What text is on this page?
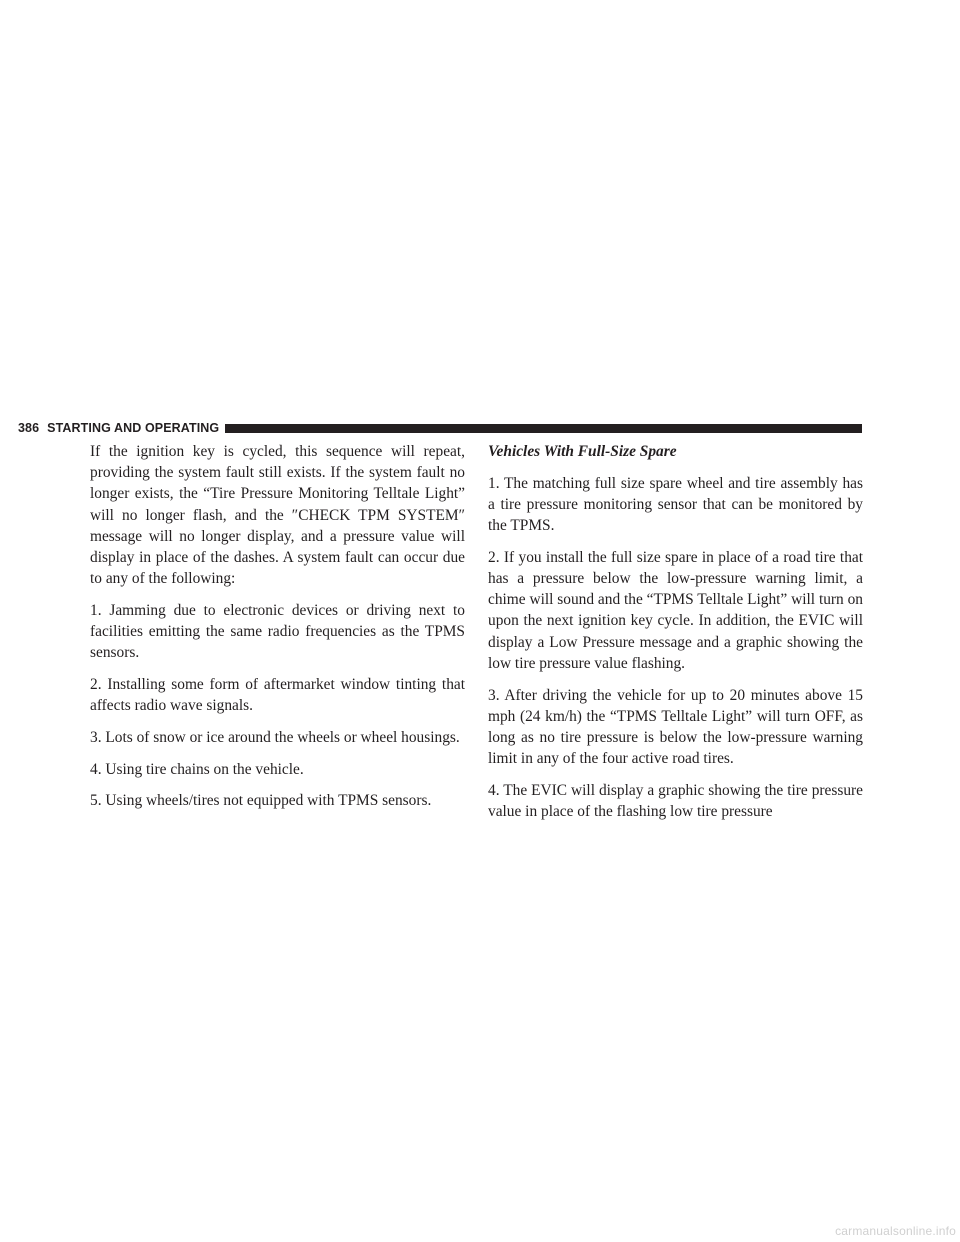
386 STARTING AND OPERATING

If the ignition key is cycled, this sequence will repeat, providing the system fault still exists. If the system fault no longer exists, the “Tire Pressure Monitoring Telltale Light” will no longer flash, and the ″CHECK TPM SYSTEM″ message will no longer display, and a pressure value will display in place of the dashes. A system fault can occur due to any of the following:

1. Jamming due to electronic devices or driving next to facilities emitting the same radio frequencies as the TPMS sensors.

2. Installing some form of aftermarket window tinting that affects radio wave signals.

3. Lots of snow or ice around the wheels or wheel housings.

4. Using tire chains on the vehicle.

5. Using wheels/tires not equipped with TPMS sensors.

Vehicles With Full-Size Spare

1. The matching full size spare wheel and tire assembly has a tire pressure monitoring sensor that can be monitored by the TPMS.

2. If you install the full size spare in place of a road tire that has a pressure below the low-pressure warning limit, a chime will sound and the “TPMS Telltale Light” will turn on upon the next ignition key cycle. In addition, the EVIC will display a Low Pressure message and a graphic showing the low tire pressure value flashing.

3. After driving the vehicle for up to 20 minutes above 15 mph (24 km/h) the “TPMS Telltale Light” will turn OFF, as long as no tire pressure is below the low-pressure warning limit in any of the four active road tires.

4. The EVIC will display a graphic showing the tire pressure value in place of the flashing low tire pressure

carmanualsonline.info
